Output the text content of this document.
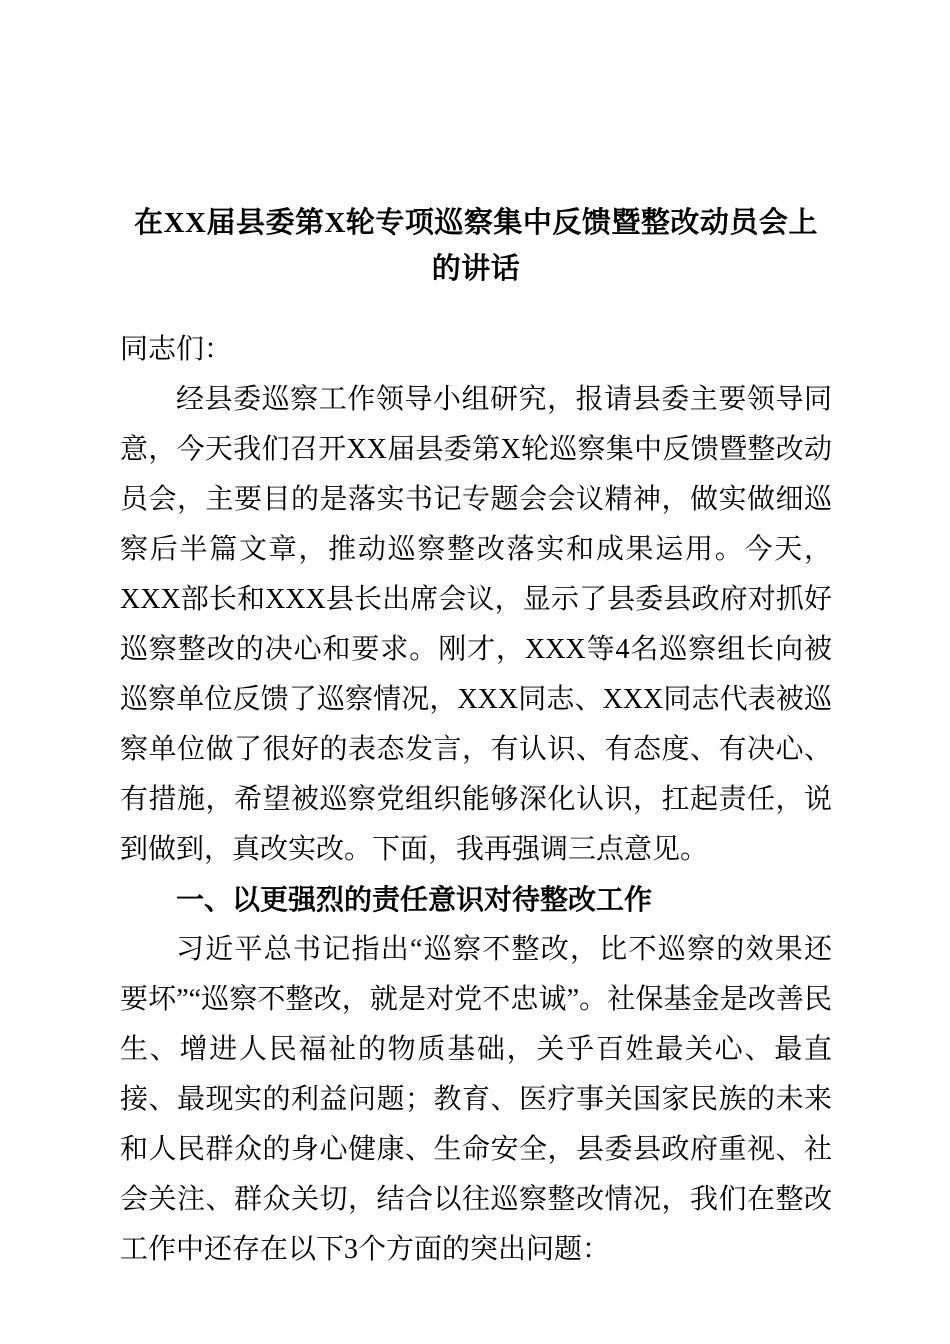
在XX届县委第X轮专项巡察集中反馈暨整改动员会上的讲话

同志们：

经县委巡察工作领导小组研究，报请县委主要领导同意，今天我们召开XX届县委第X轮巡察集中反馈暨整改动员会，主要目的是落实书记专题会会议精神，做实做细巡察后半篇文章，推动巡察整改落实和成果运用。今天，XXX部长和XXX县长出席会议，显示了县委县政府对抓好巡察整改的决心和要求。刚才，XXX等4名巡察组长向被巡察单位反馈了巡察情况，XXX同志、XXX同志代表被巡察单位做了很好的表态发言，有认识、有态度、有决心、有措施，希望被巡察党组织能够深化认识，扛起责任，说到做到，真改实改。下面，我再强调三点意见。

一、以更强烈的责任意识对待整改工作

习近平总书记指出“巡察不整改，比不巡察的效果还要坏”“巡察不整改，就是对党不忠诚”。社保基金是改善民生、增进人民福祉的物质基础，关乎百姓最关心、最直接、最现实的利益问题；教育、医疗事关国家民族的未来和人民群众的身心健康、生命安全，县委县政府重视、社会关注、群众关切，结合以往巡察整改情况，我们在整改工作中还存在以下3个方面的突出问题：
